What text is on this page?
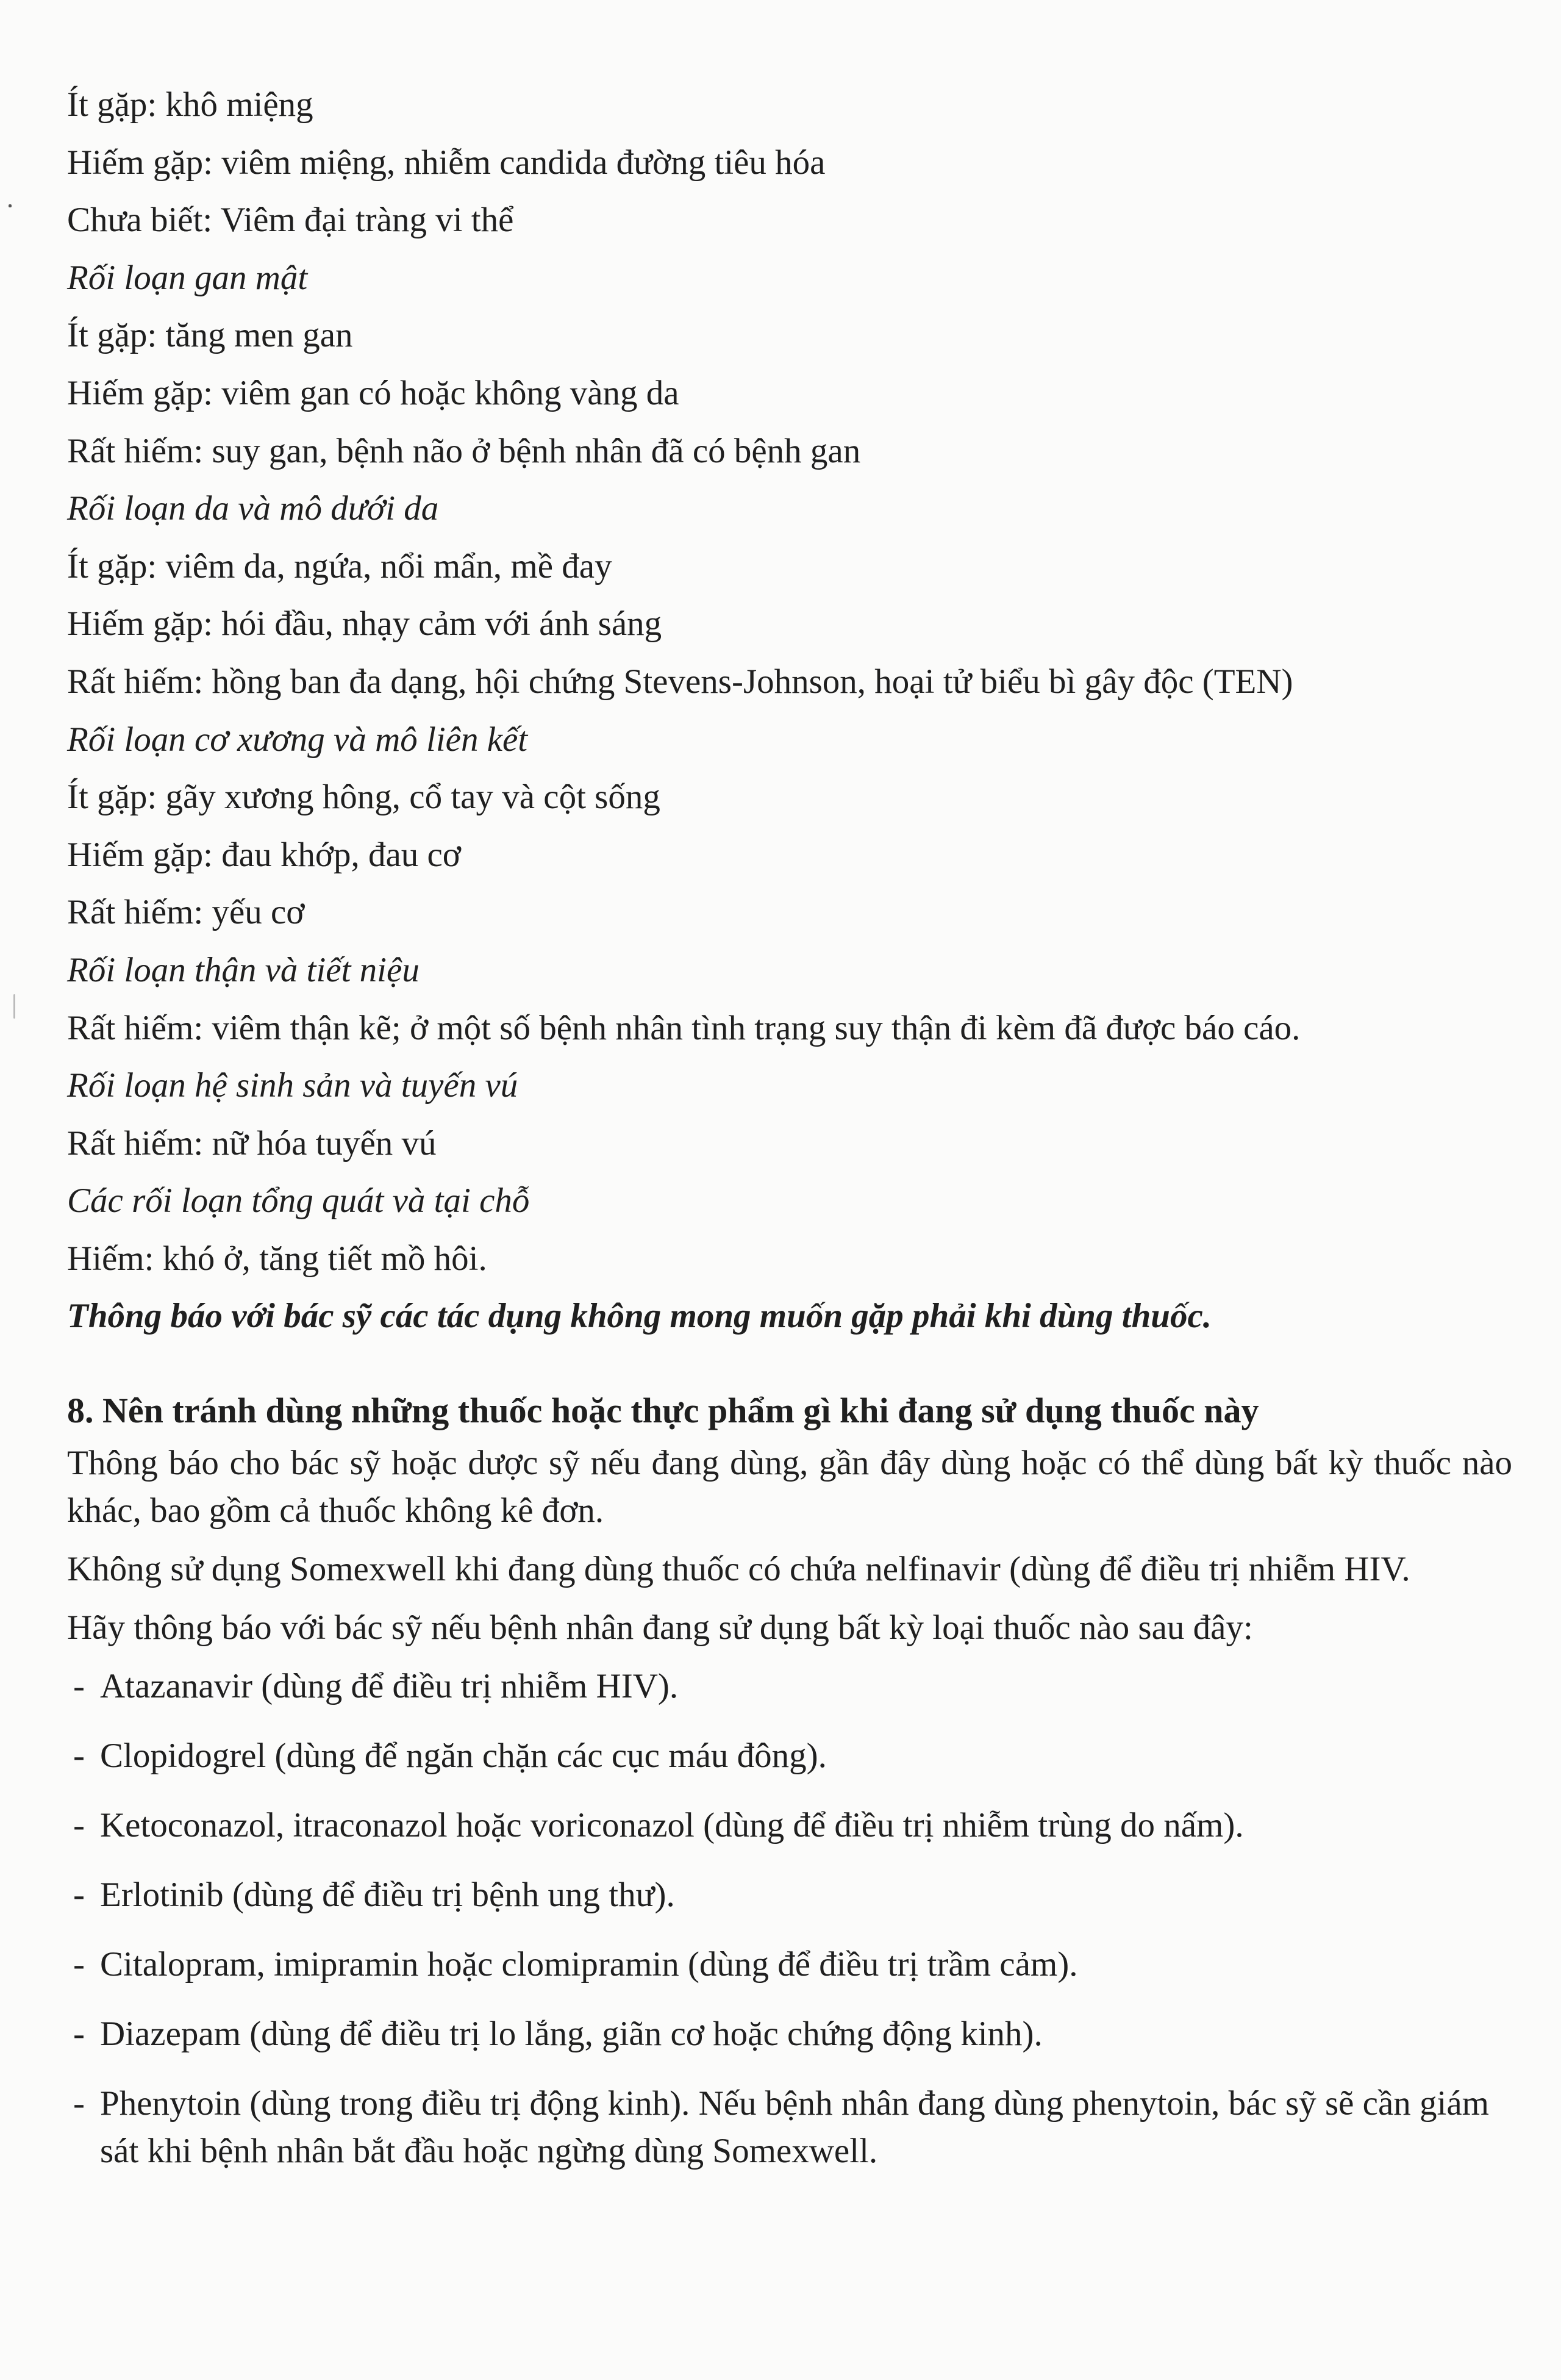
Ít gặp: khô miệng
Hiếm gặp: viêm miệng, nhiễm candida đường tiêu hóa
Chưa biết: Viêm đại tràng vi thể
Rối loạn gan mật
Ít gặp: tăng men gan
Hiếm gặp: viêm gan có hoặc không vàng da
Rất hiếm: suy gan, bệnh não ở bệnh nhân đã có bệnh gan
Rối loạn da và mô dưới da
Ít gặp: viêm da, ngứa, nổi mẩn, mề đay
Hiếm gặp: hói đầu, nhạy cảm với ánh sáng
Rất hiếm: hồng ban đa dạng, hội chứng Stevens-Johnson, hoại tử biểu bì gây độc (TEN)
Rối loạn cơ xương và mô liên kết
Ít gặp: gãy xương hông, cổ tay và cột sống
Hiếm gặp: đau khớp, đau cơ
Rất hiếm: yếu cơ
Rối loạn thận và tiết niệu
Rất hiếm: viêm thận kẽ; ở một số bệnh nhân tình trạng suy thận đi kèm đã được báo cáo.
Rối loạn hệ sinh sản và tuyến vú
Rất hiếm: nữ hóa tuyến vú
Các rối loạn tổng quát và tại chỗ
Hiếm: khó ở, tăng tiết mồ hôi.
Thông báo với bác sỹ các tác dụng không mong muốn gặp phải khi dùng thuốc.
8. Nên tránh dùng những thuốc hoặc thực phẩm gì khi đang sử dụng thuốc này
Thông báo cho bác sỹ hoặc dược sỹ nếu đang dùng, gần đây dùng hoặc có thể dùng bất kỳ thuốc nào khác, bao gồm cả thuốc không kê đơn.
Không sử dụng Somexwell khi đang dùng thuốc có chứa nelfinavir (dùng để điều trị nhiễm HIV.
Hãy thông báo với bác sỹ nếu bệnh nhân đang sử dụng bất kỳ loại thuốc nào sau đây:
- Atazanavir (dùng để điều trị nhiễm HIV).
- Clopidogrel (dùng để ngăn chặn các cục máu đông).
- Ketoconazol, itraconazol hoặc voriconazol (dùng để điều trị nhiễm trùng do nấm).
- Erlotinib (dùng để điều trị bệnh ung thư).
- Citalopram, imipramin hoặc clomipramin (dùng để điều trị trầm cảm).
- Diazepam (dùng để điều trị lo lắng, giãn cơ hoặc chứng động kinh).
- Phenytoin (dùng trong điều trị động kinh). Nếu bệnh nhân đang dùng phenytoin, bác sỹ sẽ cần giám sát khi bệnh nhân bắt đầu hoặc ngừng dùng Somexwell.
